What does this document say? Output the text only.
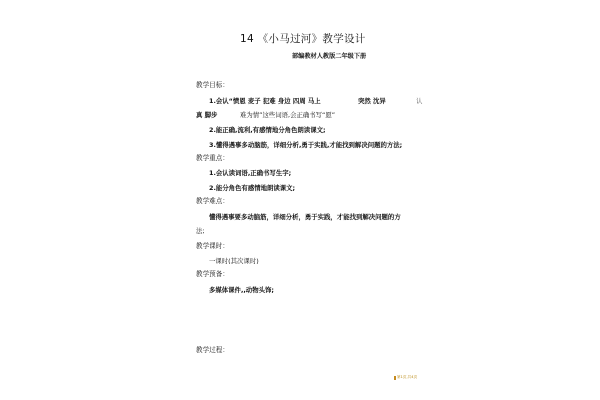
14 《小马过河》教学设计
部编教材人教版二年级下册
教学目标：
1.会认“愤恩 麦子 犯难 身边 四周 马上	突然 沈异	认
真 脚步	难为情”这些词语,会正确书写“愿”
2.能正确,流利,有感情地分角色朗读课文;
3.懂得遇事多动脑筋，详细分析,勇于实践,才能找到解决问题的方法;
教学重点：
1.会认读词语,正确书写生字;
2.能分角色有感情地朗读课文;
教学难点：
懂得遇事要多动脑筋，详细分析，勇于实践，才能找到解决问题的方
法;
教学课时：
一课时(其次课时)
教学预备：
多媒体课件,,动物头饰;
教学过程：
第1页,共4页
